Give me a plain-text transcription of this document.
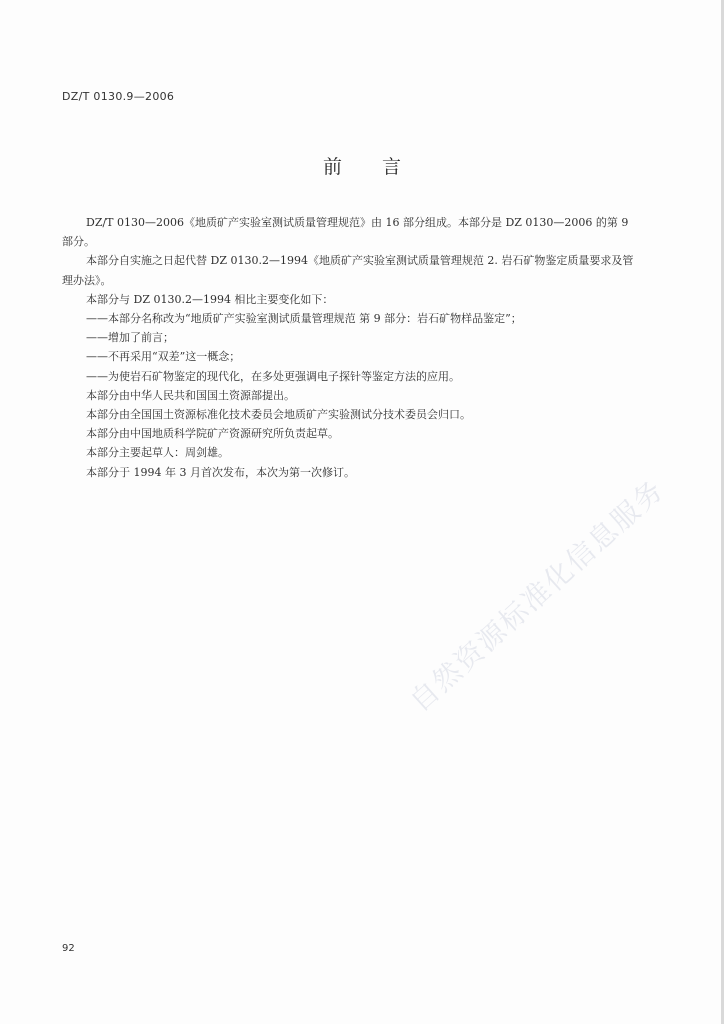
DZ/T 0130.9—2006
前言

DZ/T 0130—2006《地质矿产实验室测试质量管理规范》由 16 部分组成。本部分是 DZ 0130—2006 的第 9 部分。

本部分自实施之日起代替 DZ 0130.2—1994《地质矿产实验室测试质量管理规范 2. 岩石矿物鉴定质量要求及管理办法》。

本部分与 DZ 0130.2—1994 相比主要变化如下：

——本部分名称改为“地质矿产实验室测试质量管理规范 第 9 部分：岩石矿物样品鉴定”；

——增加了前言；

——不再采用“双差”这一概念；

——为使岩石矿物鉴定的现代化，在多处更强调电子探针等鉴定方法的应用。

本部分由中华人民共和国国土资源部提出。

本部分由全国国土资源标准化技术委员会地质矿产实验测试分技术委员会归口。

本部分由中国地质科学院矿产资源研究所负责起草。

本部分主要起草人：周剑雄。

本部分于 1994 年 3 月首次发布，本次为第一次修订。

自然资源标准化信息服务
92
